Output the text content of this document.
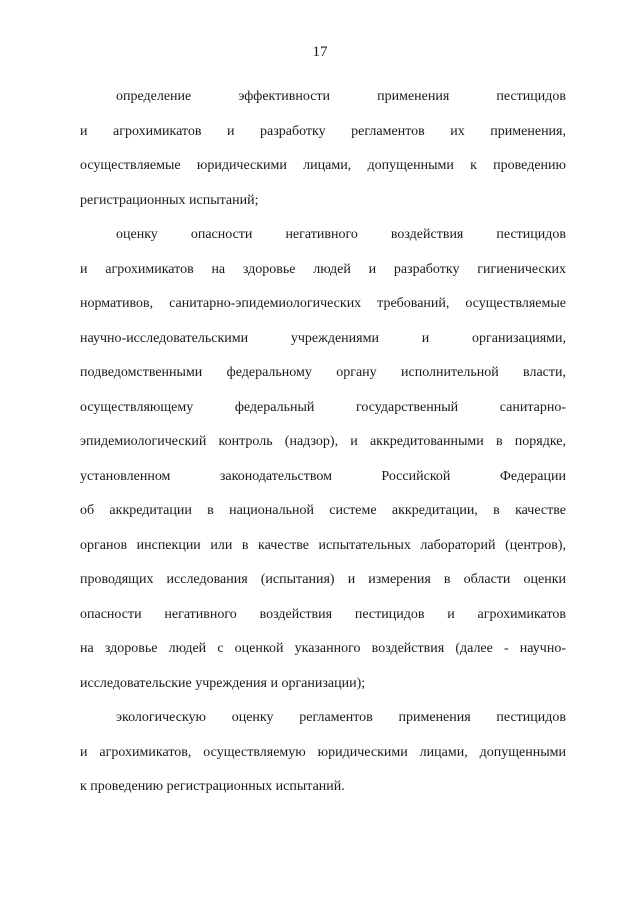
17
определение эффективности применения пестицидов
и агрохимикатов и разработку регламентов их применения,
осуществляемые юридическими лицами, допущенными к проведению
регистрационных испытаний;
оценку опасности негативного воздействия пестицидов
и агрохимикатов на здоровье людей и разработку гигиенических
нормативов, санитарно-эпидемиологических требований, осуществляемые
научно-исследовательскими учреждениями и организациями,
подведомственными федеральному органу исполнительной власти,
осуществляющему федеральный государственный санитарно-
эпидемиологический контроль (надзор), и аккредитованными в порядке,
установленном законодательством Российской Федерации
об аккредитации в национальной системе аккредитации, в качестве
органов инспекции или в качестве испытательных лабораторий (центров),
проводящих исследования (испытания) и измерения в области оценки
опасности негативного воздействия пестицидов и агрохимикатов
на здоровье людей с оценкой указанного воздействия (далее - научно-
исследовательские учреждения и организации);
экологическую оценку регламентов применения пестицидов
и агрохимикатов, осуществляемую юридическими лицами, допущенными
к проведению регистрационных испытаний.
